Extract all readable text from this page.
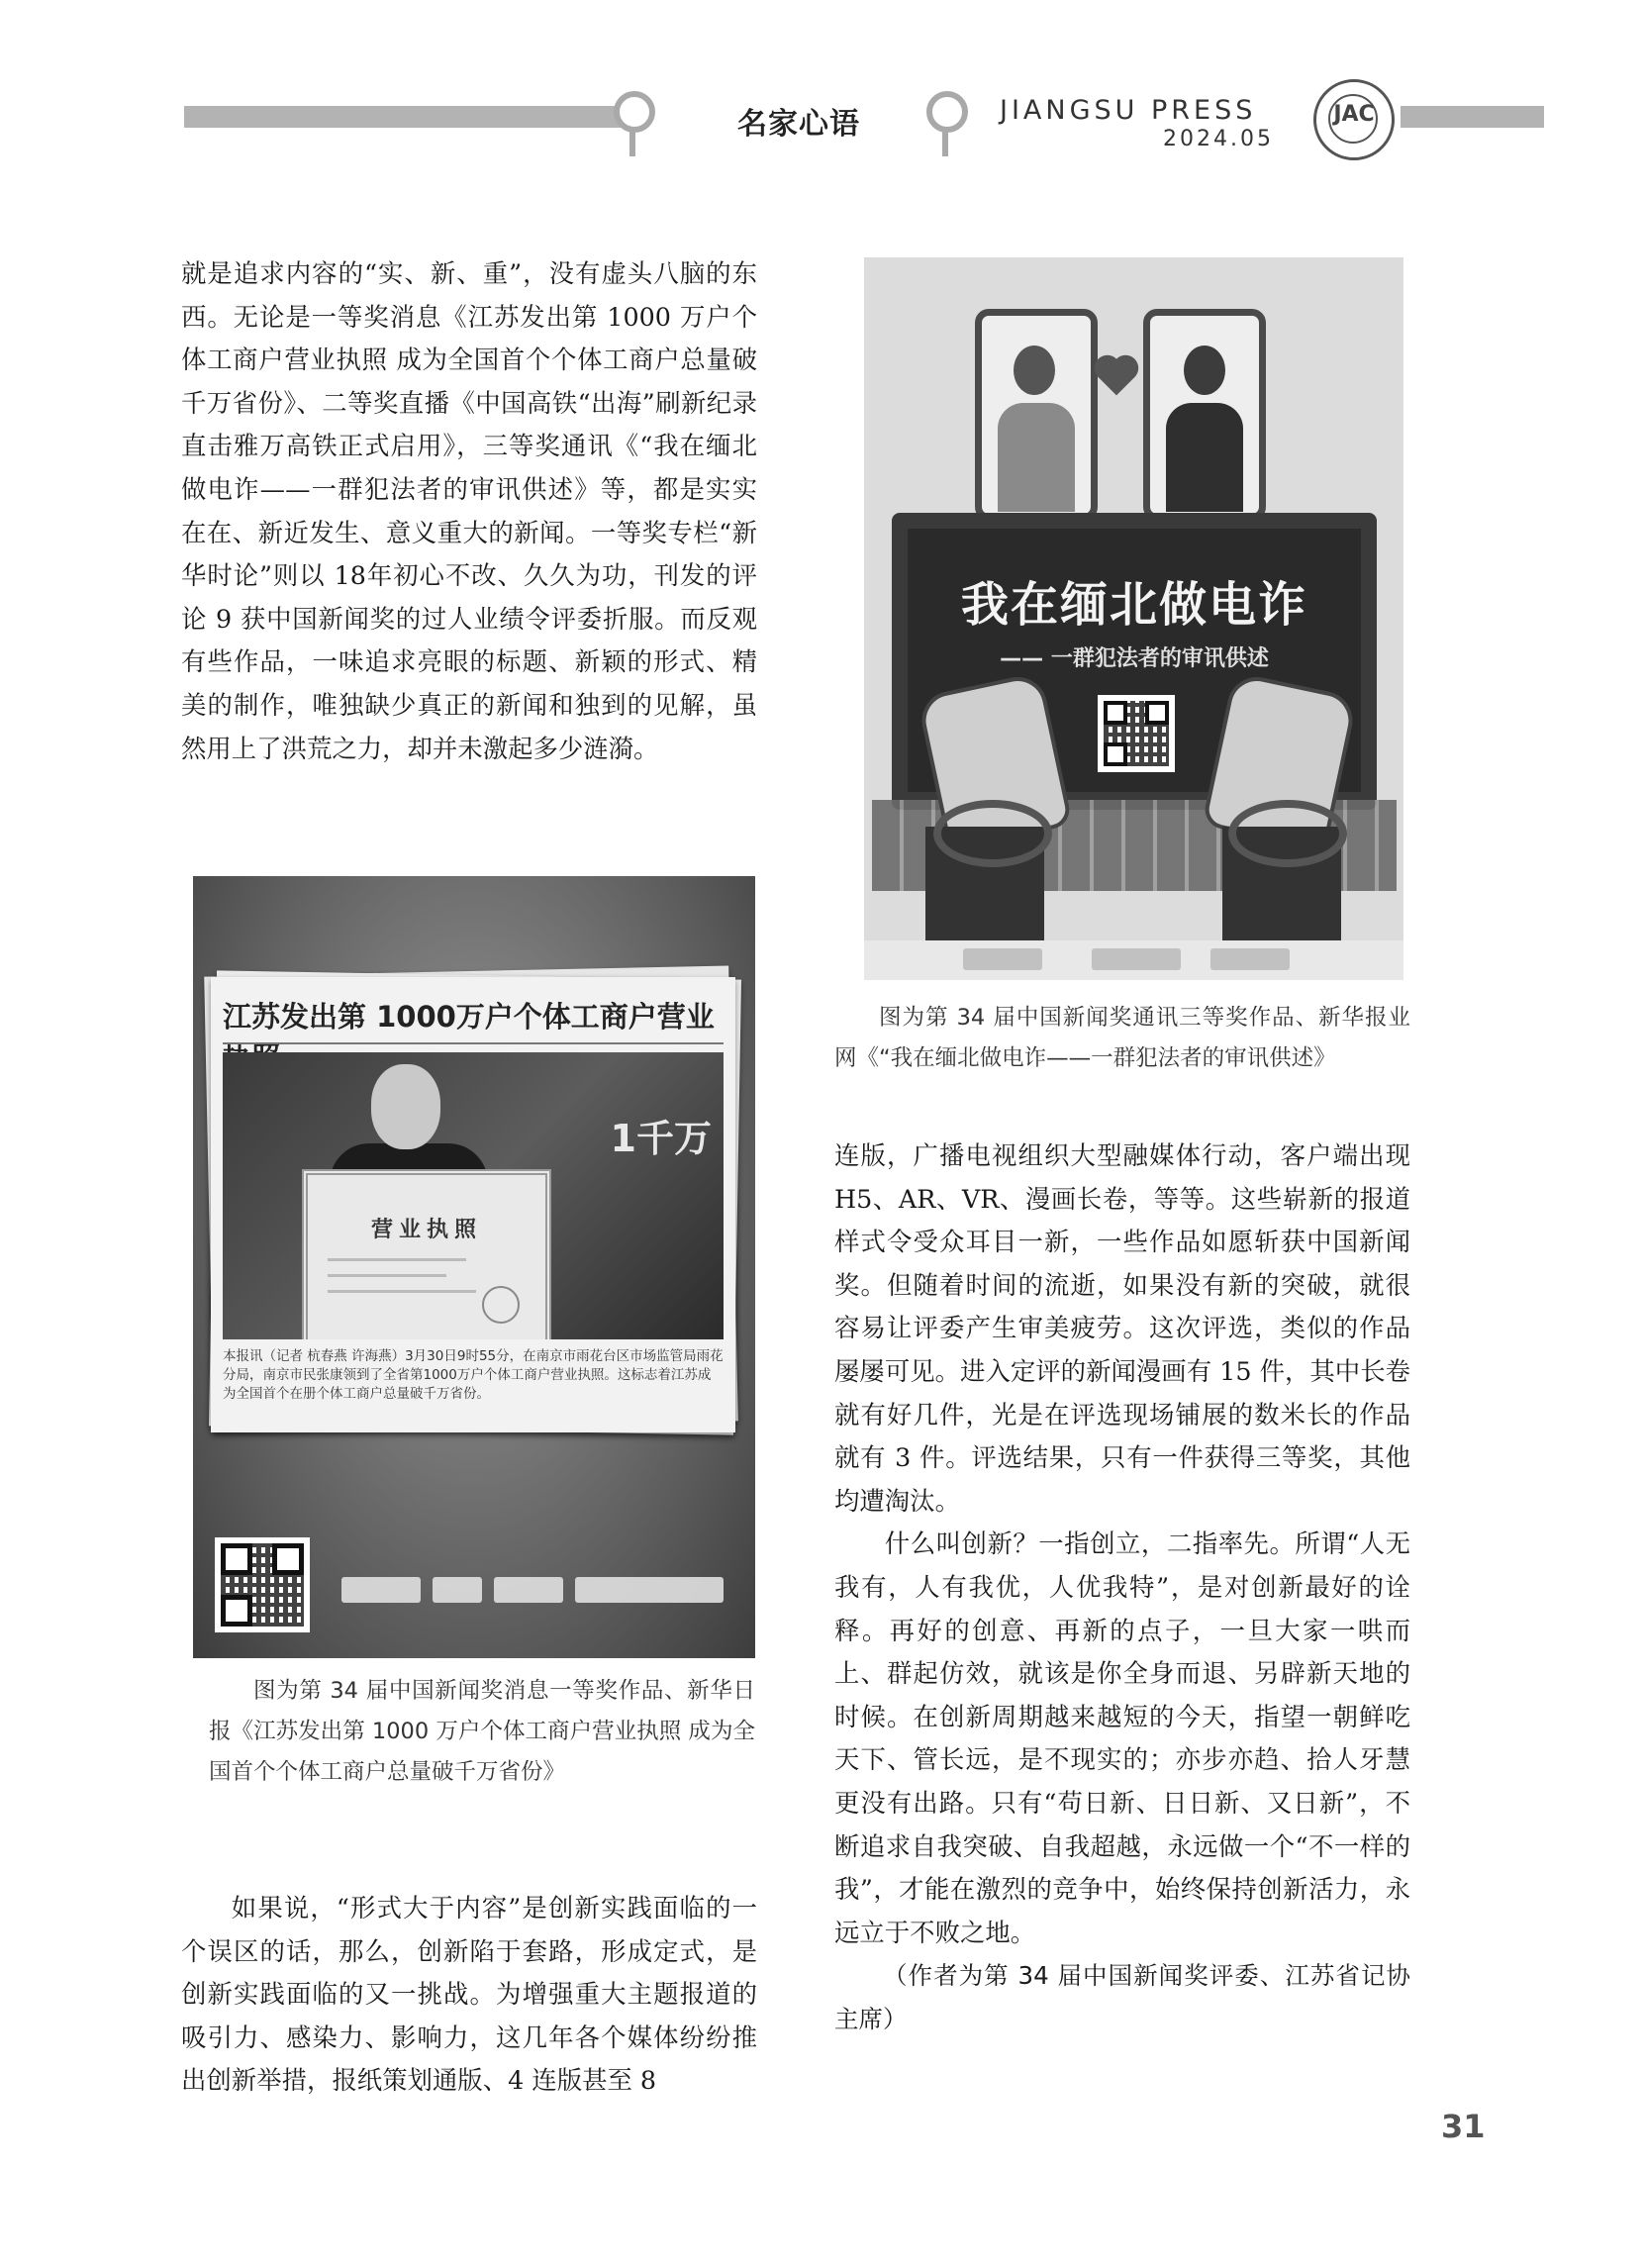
名家心语	JIANGSU PRESS
2024.05
JAC

就是追求内容的“实、新、重”，没有虚头八脑的东西。无论是一等奖消息《江苏发出第 1000 万户个体工商户营业执照 成为全国首个个体工商户总量破千万省份》、二等奖直播《中国高铁“出海”刷新纪录 直击雅万高铁正式启用》，三等奖通讯《“我在缅北做电诈——一群犯法者的审讯供述》等，都是实实在在、新近发生、意义重大的新闻。一等奖专栏“新华时论”则以 18年初心不改、久久为功，刊发的评论 9 获中国新闻奖的过人业绩令评委折服。而反观有些作品，一味追求亮眼的标题、新颖的形式、精美的制作，唯独缺少真正的新闻和独到的见解，虽然用上了洪荒之力，却并未激起多少涟漪。

江苏发出第 1000万户个体工商户营业
1千万
营业执照
本报讯（记者 杭春燕 许海燕）3月30日9时55分，在南京市雨花台区市场监管局雨花分局，南京市民张康领到了全省第1000万户个体工商户营业执照。这标志着江苏成为全国首个在册个体工商户总量破千万省份。
图为第 34 届中国新闻奖消息一等奖作品、新华日报《江苏发出第 1000 万户个体工商户营业执照 成为全国首个个体工商户总量破千万省份》

如果说，“形式大于内容”是创新实践面临的一个误区的话，那么，创新陷于套路，形成定式，是创新实践面临的又一挑战。为增强重大主题报道的吸引力、感染力、影响力，这几年各个媒体纷纷推出创新举措，报纸策划通版、4 连版甚至 8

我在缅北做电诈
—— 一群犯法者的审讯供述
图为第 34 届中国新闻奖通讯三等奖作品、新华报业网《“我在缅北做电诈——一群犯法者的审讯供述》

连版，广播电视组织大型融媒体行动，客户端出现 H5、AR、VR、漫画长卷，等等。这些崭新的报道样式令受众耳目一新，一些作品如愿斩获中国新闻奖。但随着时间的流逝，如果没有新的突破，就很容易让评委产生审美疲劳。这次评选，类似的作品屡屡可见。进入定评的新闻漫画有 15 件，其中长卷就有好几件，光是在评选现场铺展的数米长的作品就有 3 件。评选结果，只有一件获得三等奖，其他均遭淘汰。

什么叫创新？一指创立，二指率先。所谓“人无我有，人有我优，人优我特”，是对创新最好的诠释。再好的创意、再新的点子，一旦大家一哄而上、群起仿效，就该是你全身而退、另辟新天地的时候。在创新周期越来越短的今天，指望一朝鲜吃天下、管长远，是不现实的；亦步亦趋、拾人牙慧更没有出路。只有“苟日新、日日新、又日新”，不断追求自我突破、自我超越，永远做一个“不一样的我”，才能在激烈的竞争中，始终保持创新活力，永远立于不败之地。

（作者为第 34 届中国新闻奖评委、江苏省记协主席）

31
